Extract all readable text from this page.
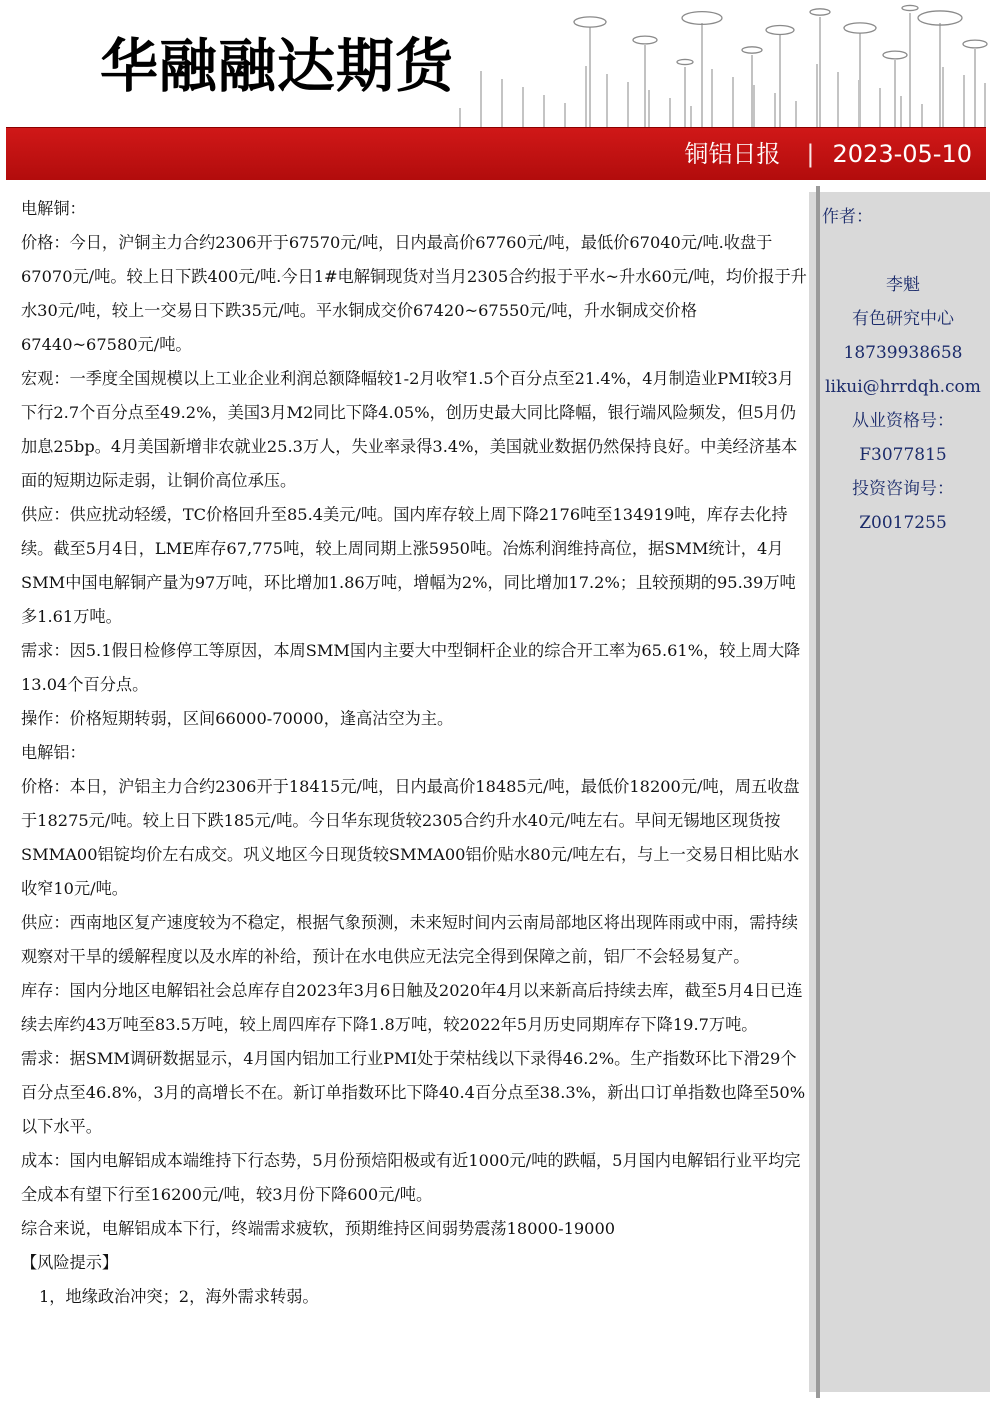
华融融达期货
铜铝日报 | 2023-05-10
作者：
李魁
有色研究中心
18739938658
likui@hrrdqh.com
从业资格号：
F3077815
投资咨询号：
Z0017255

电解铜：

价格：今日，沪铜主力合约2306开于67570元/吨，日内最高价67760元/吨，最低价67040元/吨.收盘于67070元/吨。较上日下跌400元/吨.今日1#电解铜现货对当月2305合约报于平水~升水60元/吨，均价报于升水30元/吨，较上一交易日下跌35元/吨。平水铜成交价67420~67550元/吨，升水铜成交价格67440~67580元/吨。

宏观：一季度全国规模以上工业企业利润总额降幅较1-2月收窄1.5个百分点至21.4%，4月制造业PMI较3月下行2.7个百分点至49.2%，美国3月M2同比下降4.05%，创历史最大同比降幅，银行端风险频发，但5月仍加息25bp。4月美国新增非农就业25.3万人，失业率录得3.4%，美国就业数据仍然保持良好。中美经济基本面的短期边际走弱，让铜价高位承压。

供应：供应扰动轻缓，TC价格回升至85.4美元/吨。国内库存较上周下降2176吨至134919吨，库存去化持续。截至5月4日，LME库存67,775吨，较上周同期上涨5950吨。冶炼利润维持高位，据SMM统计，4月SMM中国电解铜产量为97万吨，环比增加1.86万吨，增幅为2%，同比增加17.2%；且较预期的95.39万吨多1.61万吨。

需求：因5.1假日检修停工等原因，本周SMM国内主要大中型铜杆企业的综合开工率为65.61%，较上周大降13.04个百分点。

操作：价格短期转弱，区间66000-70000，逢高沽空为主。

电解铝：

价格：本日，沪铝主力合约2306开于18415元/吨，日内最高价18485元/吨，最低价18200元/吨，周五收盘于18275元/吨。较上日下跌185元/吨。今日华东现货较2305合约升水40元/吨左右。早间无锡地区现货按SMMA00铝锭均价左右成交。巩义地区今日现货较SMMA00铝价贴水80元/吨左右，与上一交易日相比贴水收窄10元/吨。

供应：西南地区复产速度较为不稳定，根据气象预测，未来短时间内云南局部地区将出现阵雨或中雨，需持续观察对干旱的缓解程度以及水库的补给，预计在水电供应无法完全得到保障之前，铝厂不会轻易复产。

库存：国内分地区电解铝社会总库存自2023年3月6日触及2020年4月以来新高后持续去库，截至5月4日已连续去库约43万吨至83.5万吨，较上周四库存下降1.8万吨，较2022年5月历史同期库存下降19.7万吨。

需求：据SMM调研数据显示，4月国内铝加工行业PMI处于荣枯线以下录得46.2%。生产指数环比下滑29个百分点至46.8%，3月的高增长不在。新订单指数环比下降40.4百分点至38.3%，新出口订单指数也降至50%以下水平。

成本：国内电解铝成本端维持下行态势，5月份预焙阳极或有近1000元/吨的跌幅，5月国内电解铝行业平均完全成本有望下行至16200元/吨，较3月份下降600元/吨。

综合来说，电解铝成本下行，终端需求疲软，预期维持区间弱势震荡18000-19000

【风险提示】

1，地缘政治冲突；2，海外需求转弱。
